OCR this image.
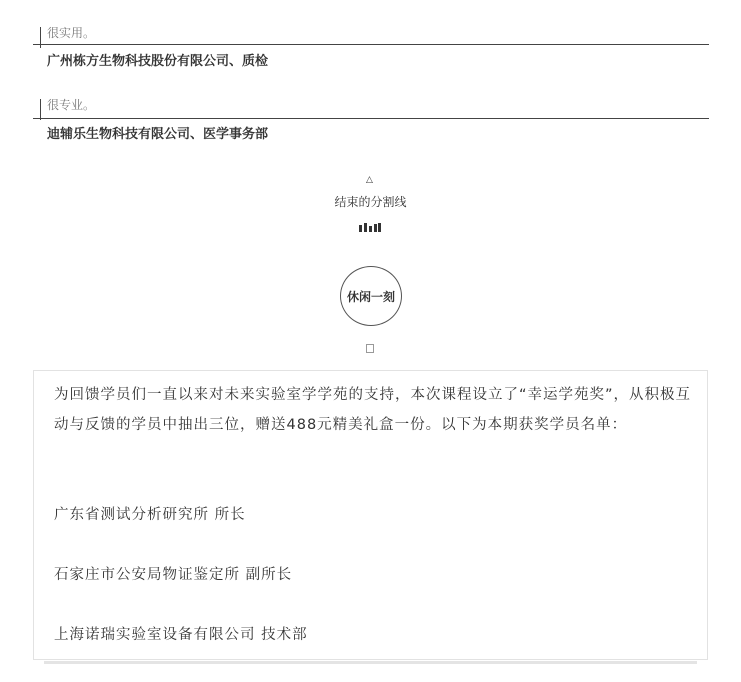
很实用。
广州栋方生物科技股份有限公司、质检
很专业。
迪辅乐生物科技有限公司、医学事务部
△
结束的分割线
休闲一刻

为回馈学员们一直以来对未来实验室学学苑的支持，本次课程设立了“幸运学苑奖”，从积极互动与反馈的学员中抽出三位，赠送488元精美礼盒一份。以下为本期获奖学员名单：

广东省测试分析研究所 所长

石家庄市公安局物证鉴定所 副所长

上海诺瑞实验室设备有限公司 技术部
